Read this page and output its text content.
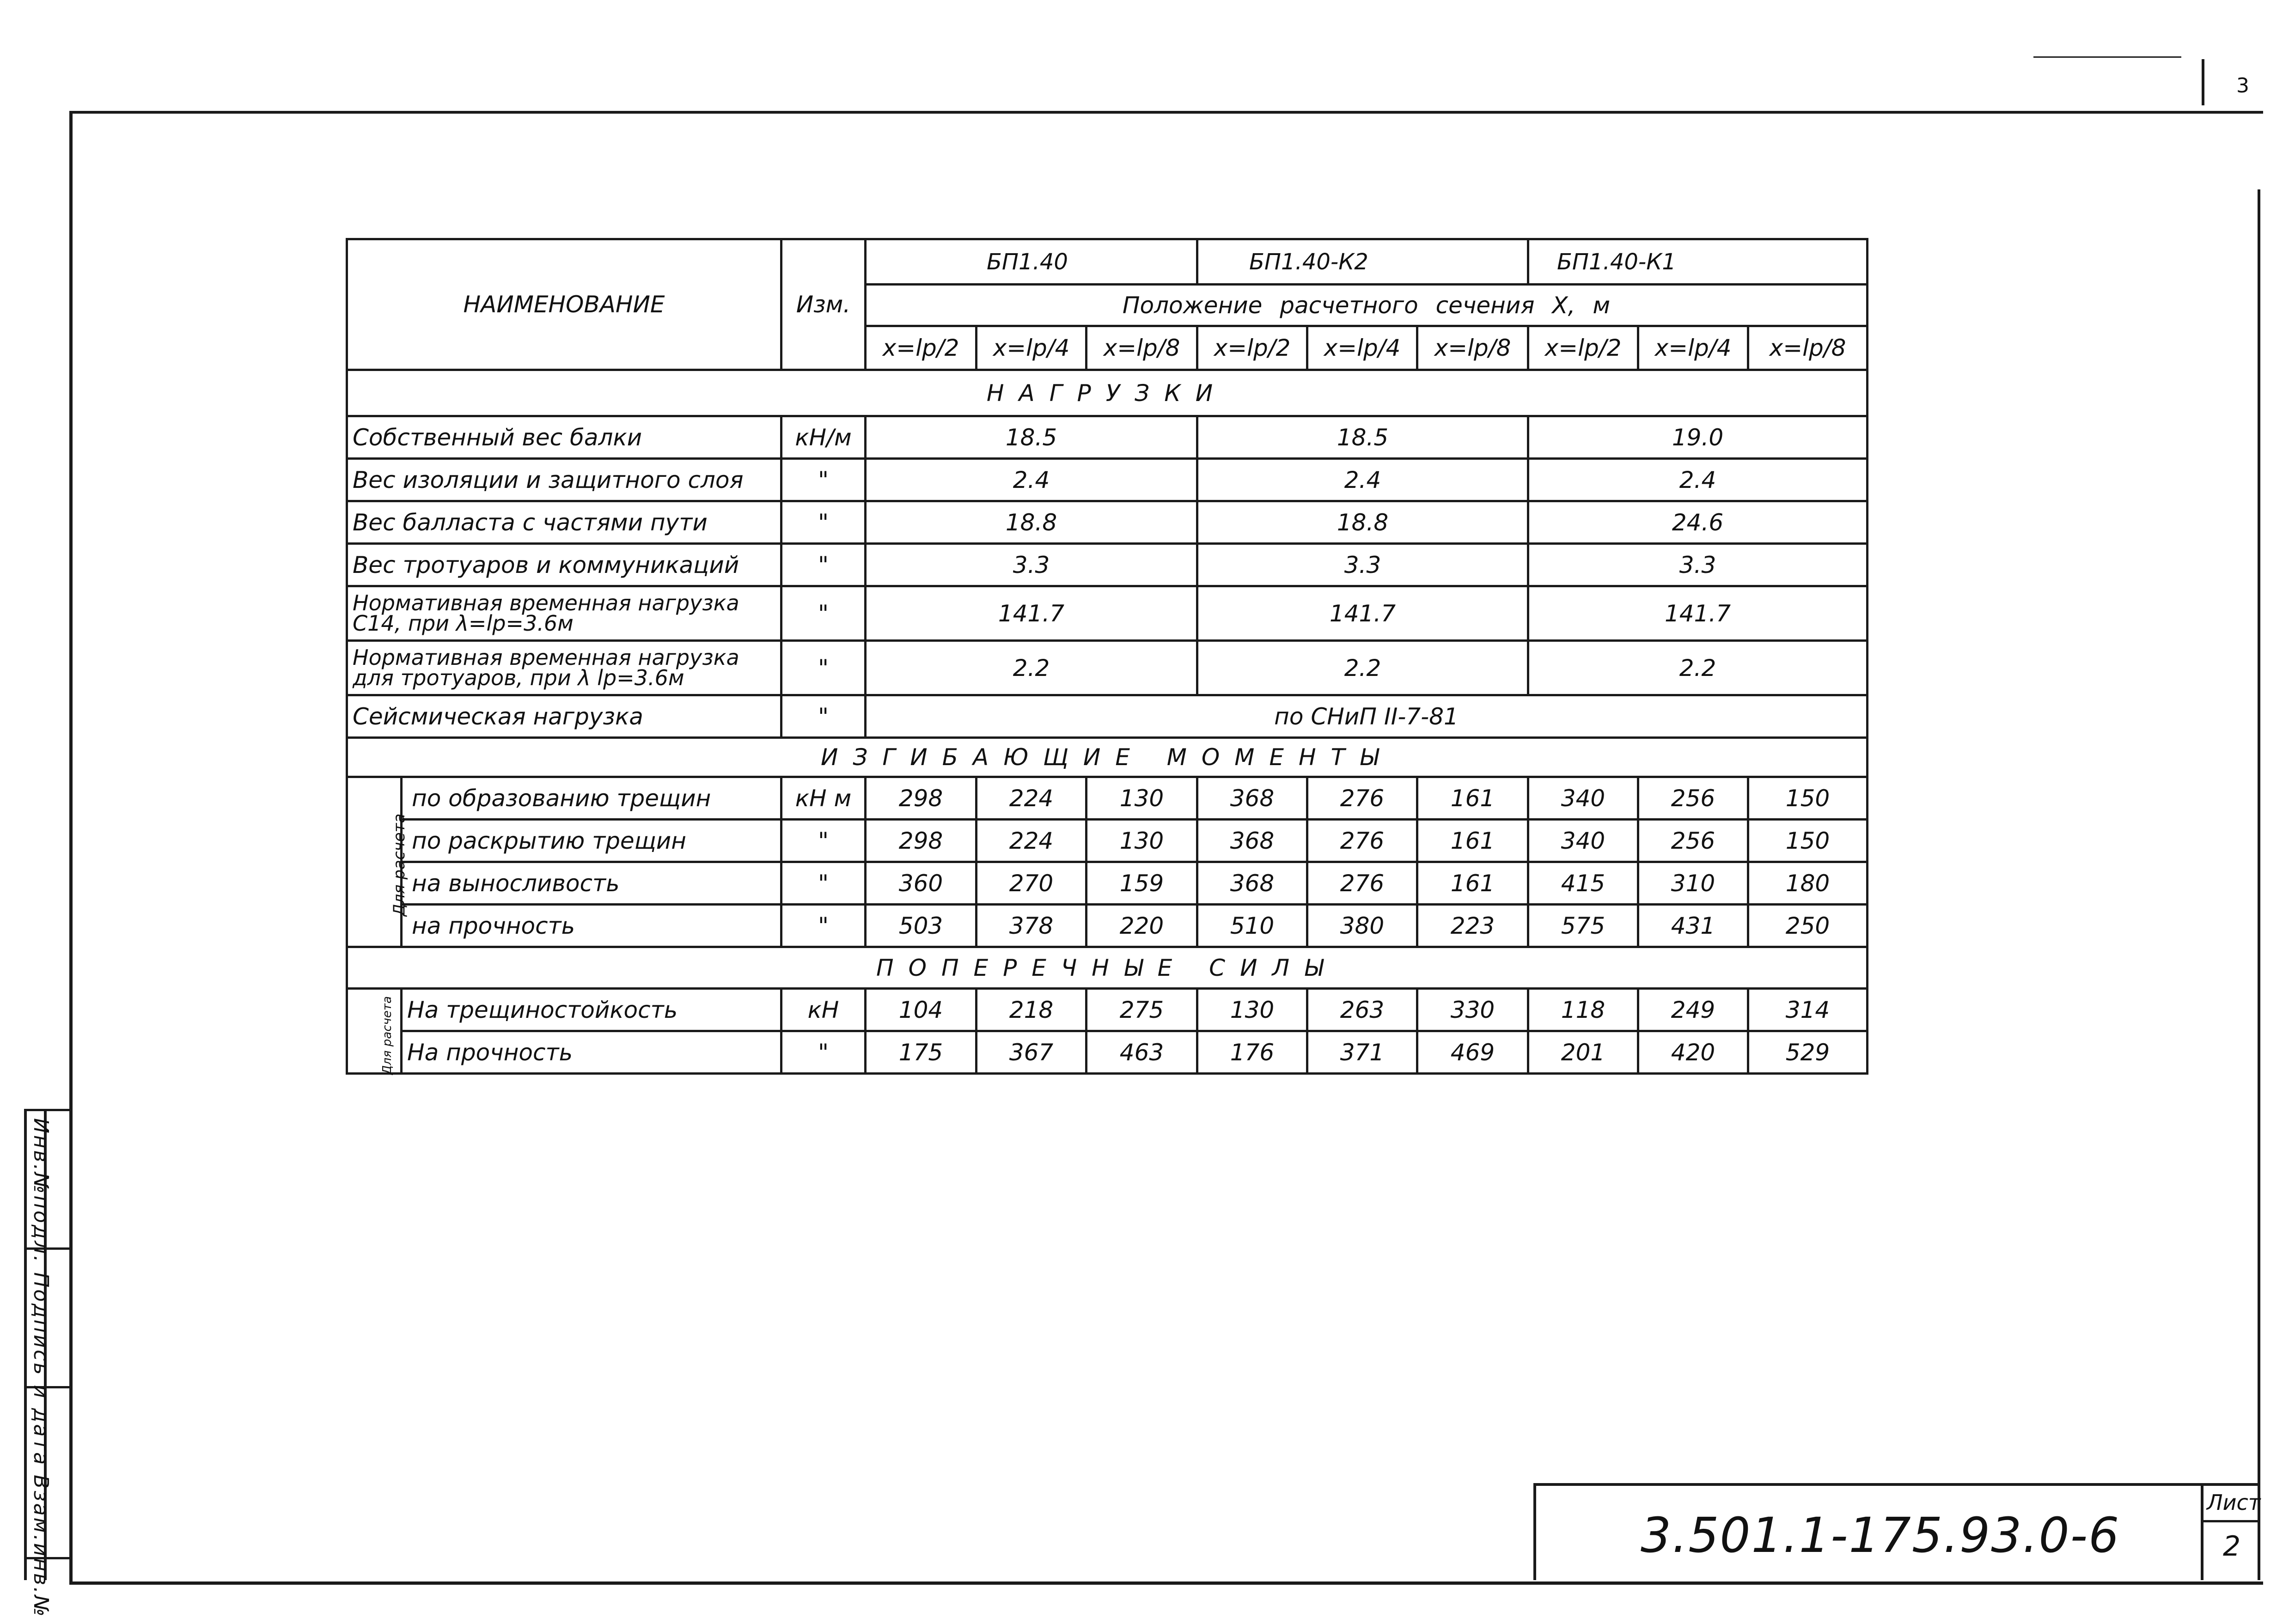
3
Инв.№подл. Подпись и дата Взам.инв.№
НАИМЕНОВАНИЕ		Изм.	БП1.40			БП1.40-К2			БП1.40-К1		
			Положение расчетного сечения Х, м								
			x=lp/2	x=lp/4	x=lp/8	x=lp/2	x=lp/4	x=lp/8	x=lp/2	x=lp/4	x=lp/8
НАГРУЗКИ											
Собственный вес балки		кН/м	18.5			18.5			19.0		
Вес изоляции и защитного слоя		"	2.4			2.4			2.4		
Вес балласта с частями пути		"	18.8			18.8			24.6		
Вес тротуаров и коммуникаций		"	3.3			3.3			3.3		
Нормативная временная нагрузка С14, при λ=lp=3.6м		"	141.7			141.7			141.7		
Нормативная временная нагрузка для тротуаров, при λ lp=3.6м		"	2.2			2.2			2.2		
Сейсмическая нагрузка		"	по СНиП II-7-81								
ИЗГИБАЮЩИЕ МОМЕНТЫ											
Для расчета	по образованию трещин	кН м	298	224	130	368	276	161	340	256	150
	по раскрытию трещин	"	298	224	130	368	276	161	340	256	150
	на выносливость	"	360	270	159	368	276	161	415	310	180
	на прочность	"	503	378	220	510	380	223	575	431	250
ПОПЕРЕЧНЫЕ СИЛЫ											
Для расчета	На трещиностойкость	кН	104	218	275	130	263	330	118	249	314
	На прочность	"	175	367	463	176	371	469	201	420	529
3.501.1-175.93.0-6
Лист
2
